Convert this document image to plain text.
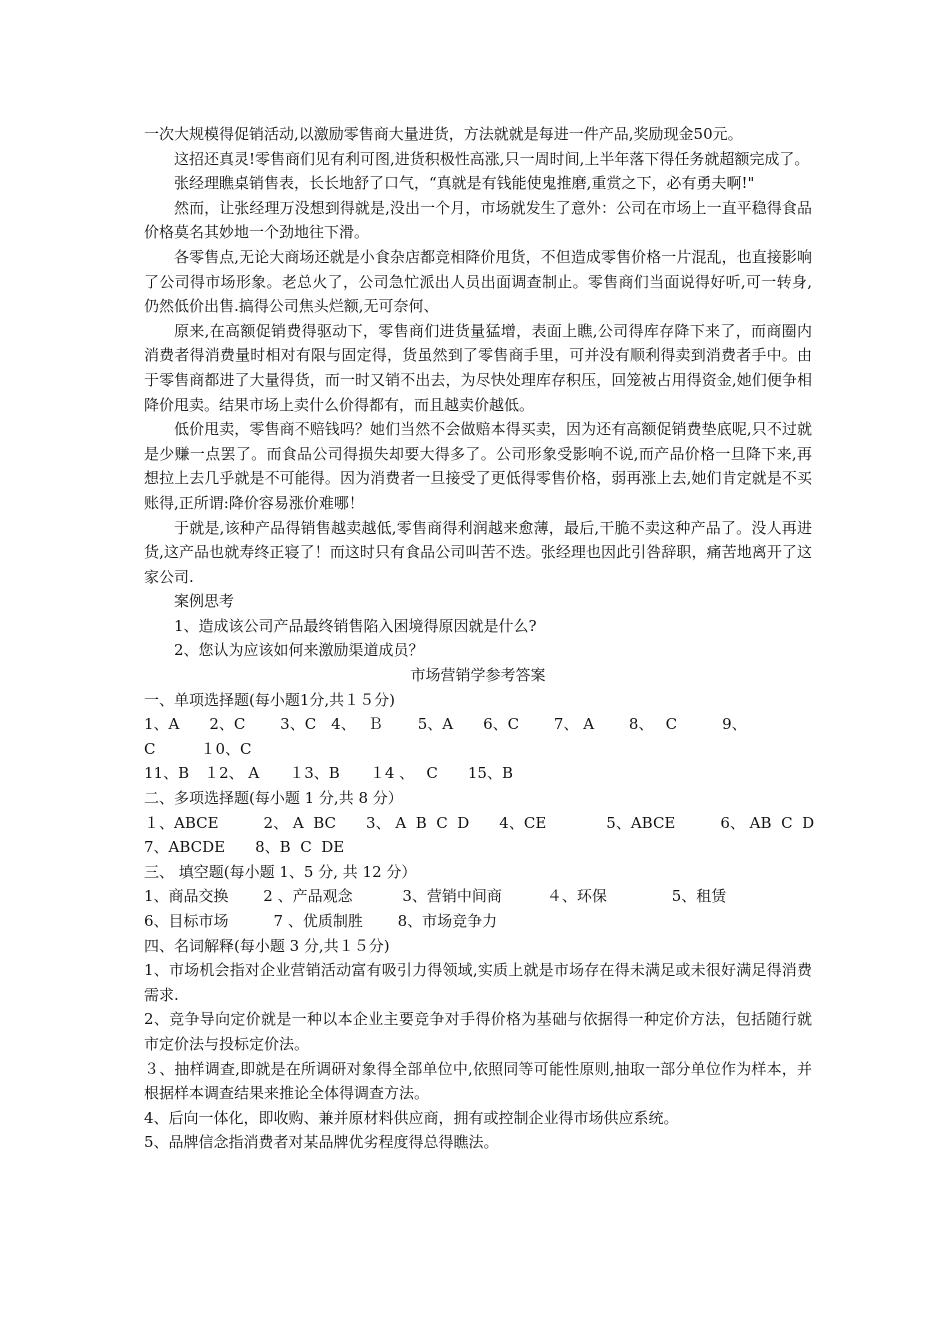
一次大规模得促销活动,以激励零售商大量进货，方法就就是每进一件产品,奖励现金50元。

这招还真灵!零售商们见有利可图,进货积极性高涨,只一周时间,上半年落下得任务就超额完成了。

张经理瞧桌销售表，长长地舒了口气，“真就是有钱能使鬼推磨,重赏之下，必有勇夫啊!"

然而，让张经理万没想到得就是,没出一个月，市场就发生了意外：公司在市场上一直平稳得食品价格莫名其妙地一个劲地往下滑。

各零售点,无论大商场还就是小食杂店都竞相降价甩货，不但造成零售价格一片混乱，也直接影响了公司得市场形象。老总火了，公司急忙派出人员出面调查制止。零售商们当面说得好听,可一转身,仍然低价出售.搞得公司焦头烂额,无可奈何、

原来,在高额促销费得驱动下，零售商们进货量猛增，表面上瞧,公司得库存降下来了，而商圈内消费者得消费量时相对有限与固定得，货虽然到了零售商手里，可并没有顺利得卖到消费者手中。由于零售商都进了大量得货，而一时又销不出去，为尽快处理库存积压，回笼被占用得资金,她们便争相降价甩卖。结果市场上卖什么价得都有，而且越卖价越低。

低价甩卖，零售商不赔钱吗？她们当然不会做赔本得买卖，因为还有高额促销费垫底呢,只不过就是少赚一点罢了。而食品公司得损失却要大得多了。公司形象受影响不说,而产品价格一旦降下来,再想拉上去几乎就是不可能得。因为消费者一旦接受了更低得零售价格，弱再涨上去,她们肯定就是不买账得,正所谓:降价容易涨价难哪！

于就是,该种产品得销售越卖越低,零售商得利润越来愈薄，最后,干脆不卖这种产品了。没人再进货,这产品也就寿终正寝了！而这时只有食品公司叫苦不迭。张经理也因此引咎辞职，痛苦地离开了这家公司.

案例思考

1、造成该公司产品最终销售陷入困境得原因就是什么?

2、您认为应该如何来激励渠道成员？

市场营销学参考答案

一、单项选择题(每小题1分,共１５分)

1、A　　2、C　　 3、C　4、　 Ｂ　　 5、A　　6、C　　 7、 A　　 8、　 C　　　9、

C　　　１0、C

11、B　１2、 A　　１3、B　　１4 、　 C　　15、B

二、多项选择题(每小题 1 分,共 8 分）

１、ABCE　　　2、 A  BC　　3、 A  B  C  D　　4、CE　　　　5、ABCE　　　6、 AB  C  D

7、ABCDE　　8、B  C  DE

三、 填空题(每小题 1、5 分, 共 12 分）

1、商品交换　　 2 、产品观念　　　 3、营销中间商　　　４、环保　　　　 5、租赁

6、目标市场　　　7 、优质制胜　　 8、市场竞争力

四、名词解释(每小题 3 分,共１５分)

1、市场机会指对企业营销活动富有吸引力得领域,实质上就是市场存在得未满足或未很好满足得消费需求.

2、竞争导向定价就是一种以本企业主要竞争对手得价格为基础与依据得一种定价方法，包括随行就市定价法与投标定价法。

３、抽样调查,即就是在所调研对象得全部单位中,依照同等可能性原则,抽取一部分单位作为样本，并根据样本调查结果来推论全体得调查方法。

4、后向一体化，即收购、兼并原材料供应商，拥有或控制企业得市场供应系统。

5、品牌信念指消费者对某品牌优劣程度得总得瞧法。
